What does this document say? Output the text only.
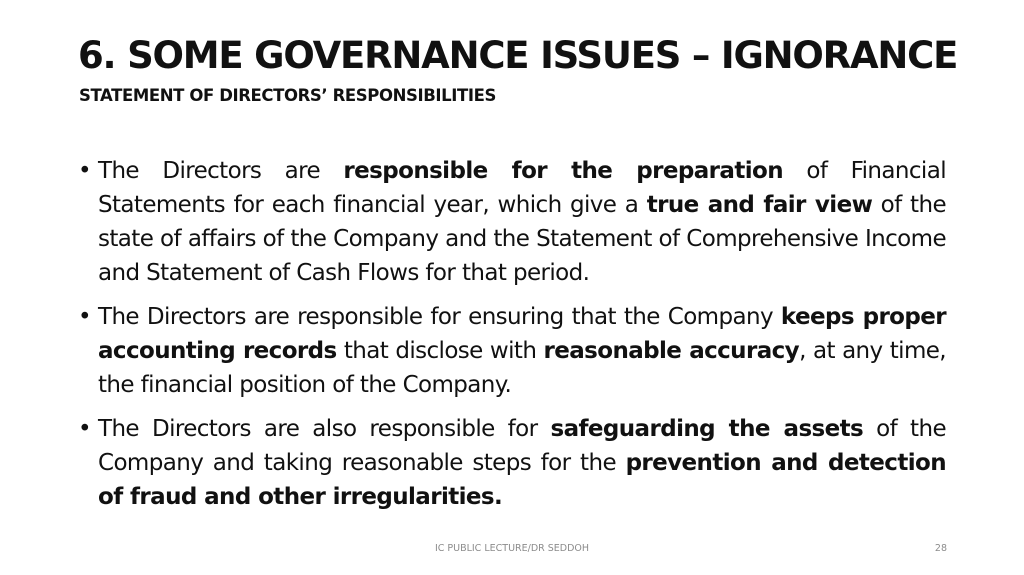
6. SOME GOVERNANCE ISSUES – IGNORANCE
STATEMENT OF DIRECTORS’ RESPONSIBILITIES
• The Directors are responsible for the preparation of Financial Statements for each financial year, which give a true and fair view of the state of affairs of the Company and the Statement of Comprehensive Income and Statement of Cash Flows for that period.
• The Directors are responsible for ensuring that the Company keeps proper accounting records that disclose with reasonable accuracy, at any time, the financial position of the Company.
• The Directors are also responsible for safeguarding the assets of the Company and taking reasonable steps for the prevention and detection of fraud and other irregularities.
IC PUBLIC LECTURE/DR SEDDOH	28
